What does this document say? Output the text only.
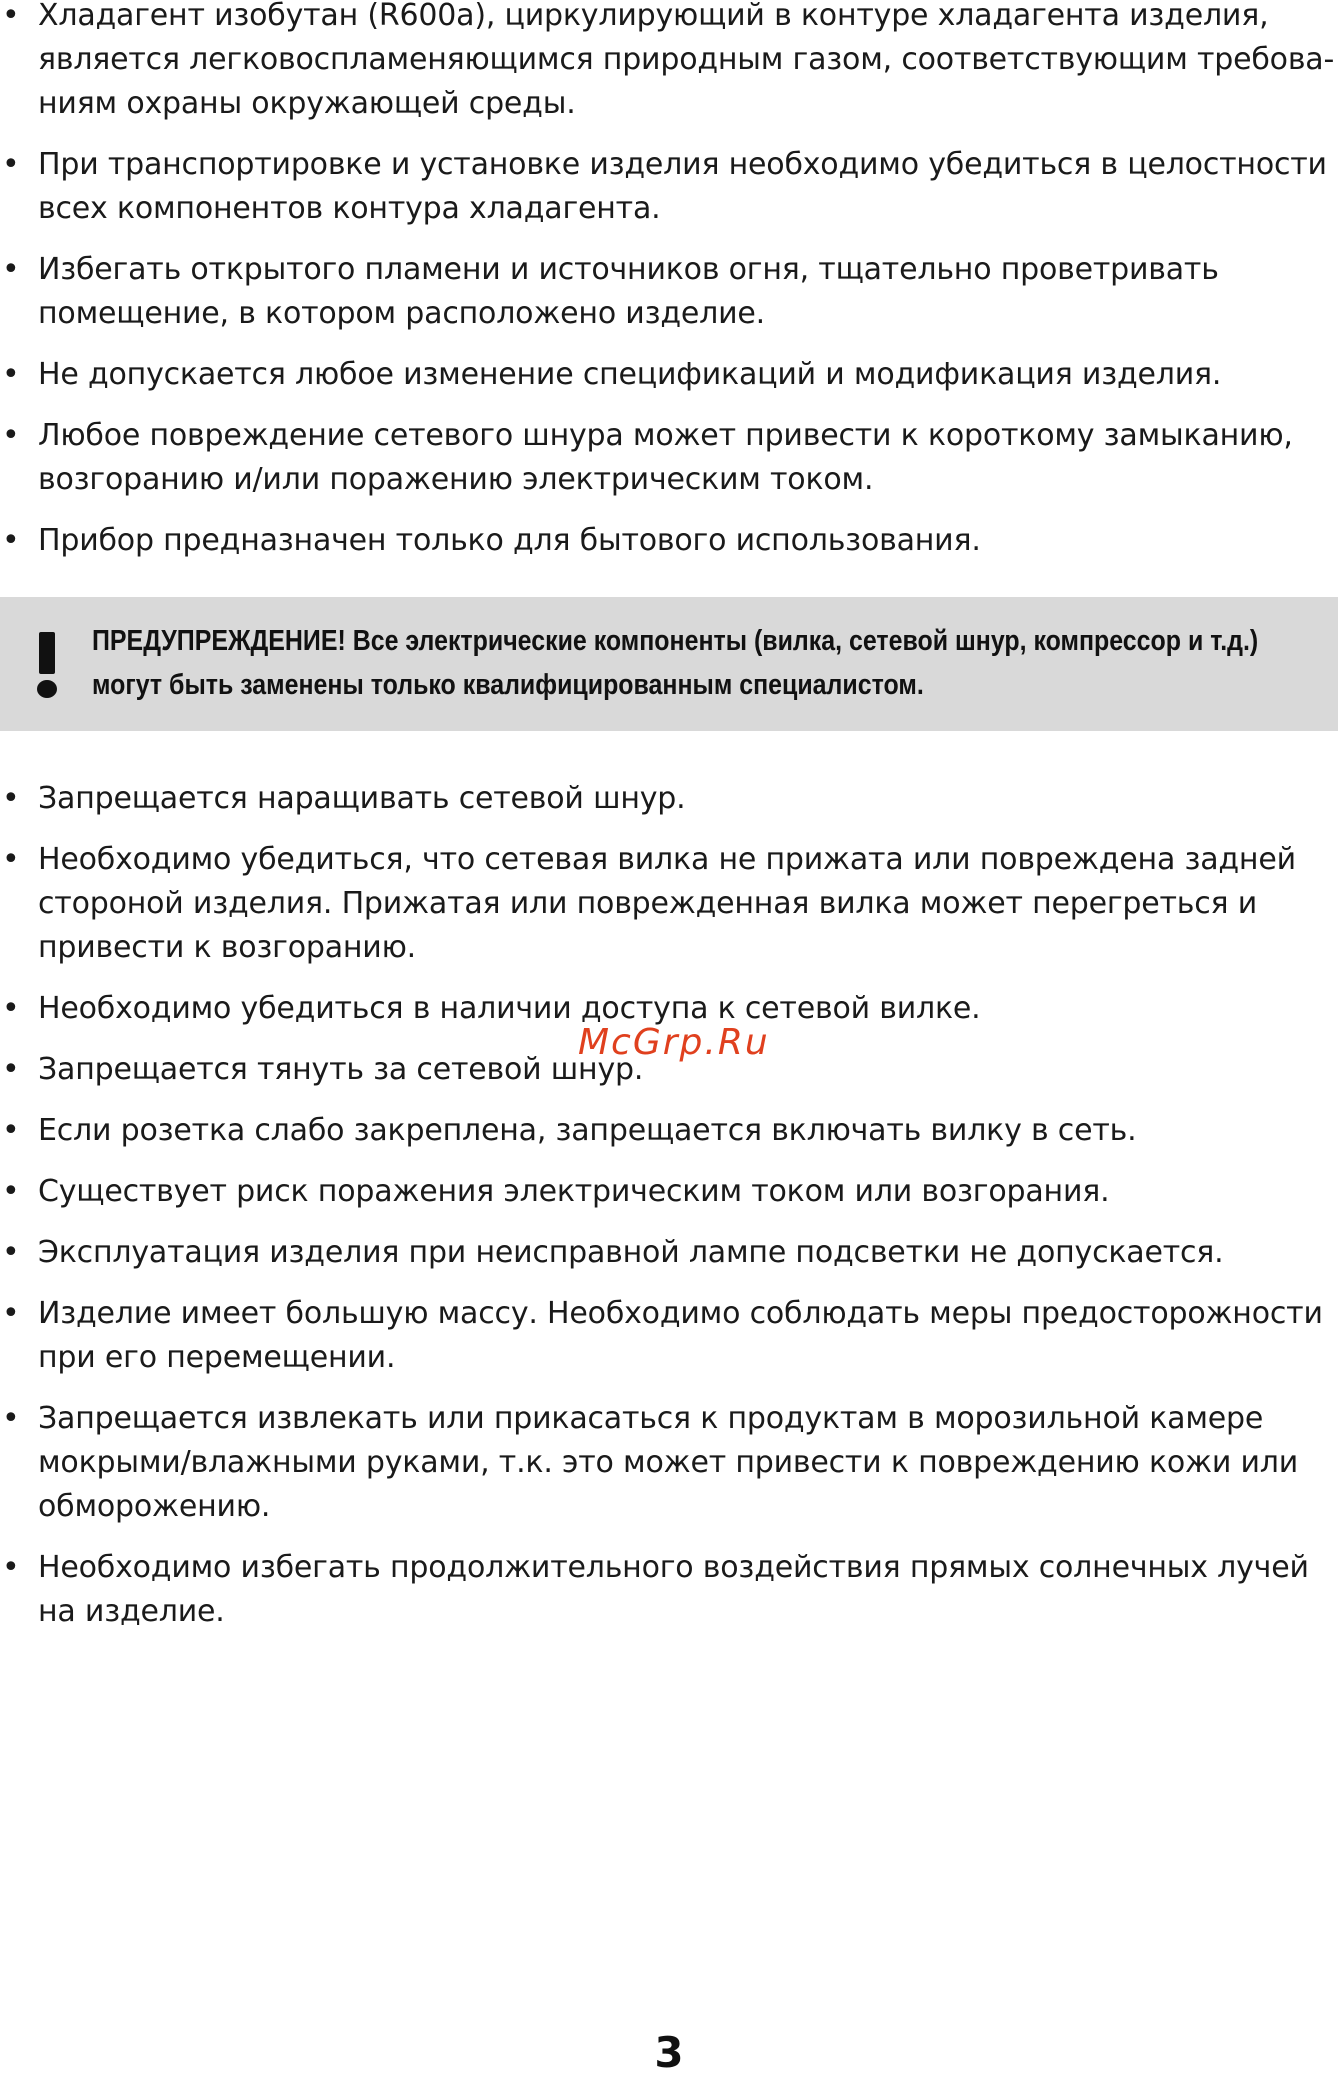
• Хладагент изобутан (R600a), циркулирующий в контуре хладагента изделия,
является легковоспламеняющимся природным газом, соответствующим требова-
ниям охраны окружающей среды.
• При транспортировке и установке изделия необходимо убедиться в целостности
всех компонентов контура хладагента.
• Избегать открытого пламени и источников огня, тщательно проветривать
помещение, в котором расположено изделие.
• Не допускается любое изменение спецификаций и модификация изделия.
• Любое повреждение сетевого шнура может привести к короткому замыканию,
возгоранию и/или поражению электрическим током.
• Прибор предназначен только для бытового использования.
ПРЕДУПРЕЖДЕНИЕ! Все электрические компоненты (вилка, сетевой шнур, компрессор и т.д.)
могут быть заменены только квалифицированным специалистом.
• Запрещается наращивать сетевой шнур.
• Необходимо убедиться, что сетевая вилка не прижата или повреждена задней
стороной изделия. Прижатая или поврежденная вилка может перегреться и
привести к возгоранию.
• Необходимо убедиться в наличии доступа к сетевой вилке.
• Запрещается тянуть за сетевой шнур.
• Если розетка слабо закреплена, запрещается включать вилку в сеть.
• Существует риск поражения электрическим током или возгорания.
• Эксплуатация изделия при неисправной лампе подсветки не допускается.
• Изделие имеет большую массу. Необходимо соблюдать меры предосторожности
при его перемещении.
• Запрещается извлекать или прикасаться к продуктам в морозильной камере
мокрыми/влажными руками, т.к. это может привести к повреждению кожи или
обморожению.
• Необходимо избегать продолжительного воздействия прямых солнечных лучей
на изделие.
McGrp.Ru
3
